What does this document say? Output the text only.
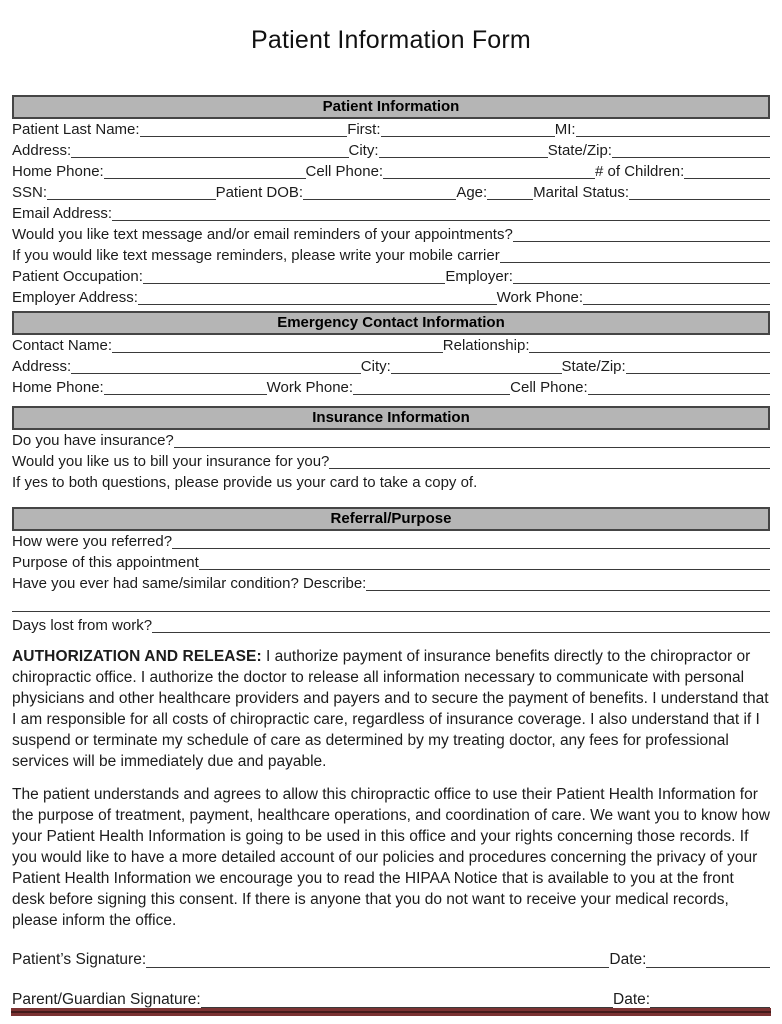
Patient Information Form
Patient Information
Patient Last Name:	First:	MI:
Address:	City:	State/Zip:
Home Phone:	Cell Phone:	# of Children:
SSN:	Patient DOB:	Age:	Marital Status:
Email Address:
Would you like text message and/or email reminders of your appointments?
If you would like text message reminders, please write your mobile carrier
Patient Occupation:	Employer:
Employer Address:	Work Phone:
Emergency Contact Information
Contact Name:	Relationship:
Address:	City:	State/Zip:
Home Phone:	Work Phone:	Cell Phone:
Insurance Information
Do you have insurance?
Would you like us to bill your insurance for you?
If yes to both questions, please provide us your card to take a copy of.
Referral/Purpose
How were you referred?
Purpose of this appointment
Have you ever had same/similar condition? Describe:
Days lost from work?

AUTHORIZATION AND RELEASE: I authorize payment of insurance benefits directly to the chiropractor or chiropractic office. I authorize the doctor to release all information necessary to communicate with personal physicians and other healthcare providers and payers and to secure the payment of benefits. I understand that I am responsible for all costs of chiropractic care, regardless of insurance coverage. I also understand that if I suspend or terminate my schedule of care as determined by my treating doctor, any fees for professional services will be immediately due and payable.

The patient understands and agrees to allow this chiropractic office to use their Patient Health Information for the purpose of treatment, payment, healthcare operations, and coordination of care. We want you to know how your Patient Health Information is going to be used in this office and your rights concerning those records. If you would like to have a more detailed account of our policies and procedures concerning the privacy of your Patient Health Information we encourage you to read the HIPAA Notice that is available to you at the front desk before signing this consent. If there is anyone that you do not want to receive your medical records, please inform the office.

Patient’s Signature:	Date:
Parent/Guardian Signature:	Date:
